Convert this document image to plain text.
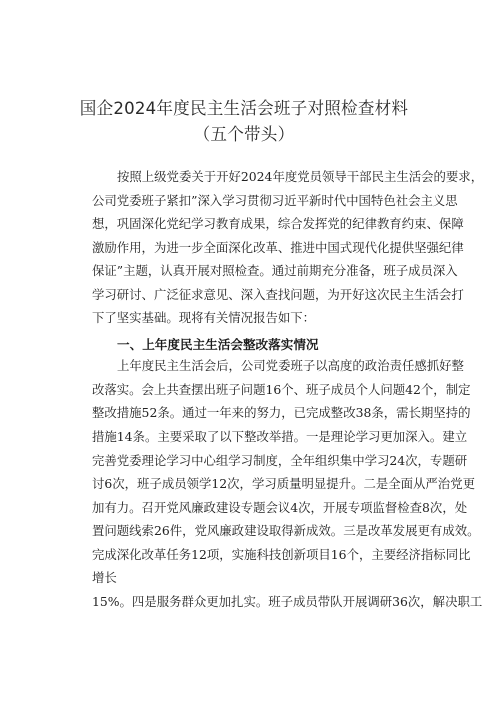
国企2024年度民主生活会班子对照检查材料
（五个带头）
按照上级党委关于开好2024年度党员领导干部民主生活会的要求，
公司党委班子紧扣”深入学习贯彻习近平新时代中国特色社会主义思
想，巩固深化党纪学习教育成果，综合发挥党的纪律教育约束、保障
激励作用，为进一步全面深化改革、推进中国式现代化提供坚强纪律
保证”主题，认真开展对照检查。通过前期充分准备，班子成员深入
学习研讨、广泛征求意见、深入查找问题，为开好这次民主生活会打
下了坚实基础。现将有关情况报告如下：
一、上年度民主生活会整改落实情况
上年度民主生活会后，公司党委班子以高度的政治责任感抓好整
改落实。会上共查摆出班子问题16个、班子成员个人问题42个，制定
整改措施52条。通过一年来的努力，已完成整改38条，需长期坚持的
措施14条。主要采取了以下整改举措。一是理论学习更加深入。建立
完善党委理论学习中心组学习制度，全年组织集中学习24次，专题研
讨6次，班子成员领学12次，学习质量明显提升。二是全面从严治党更
加有力。召开党风廉政建设专题会议4次，开展专项监督检查8次，处
置问题线索26件，党风廉政建设取得新成效。三是改革发展更有成效。
完成深化改革任务12项，实施科技创新项目16个，主要经济指标同比
增长
15%。四是服务群众更加扎实。班子成员带队开展调研36次，解决职工
